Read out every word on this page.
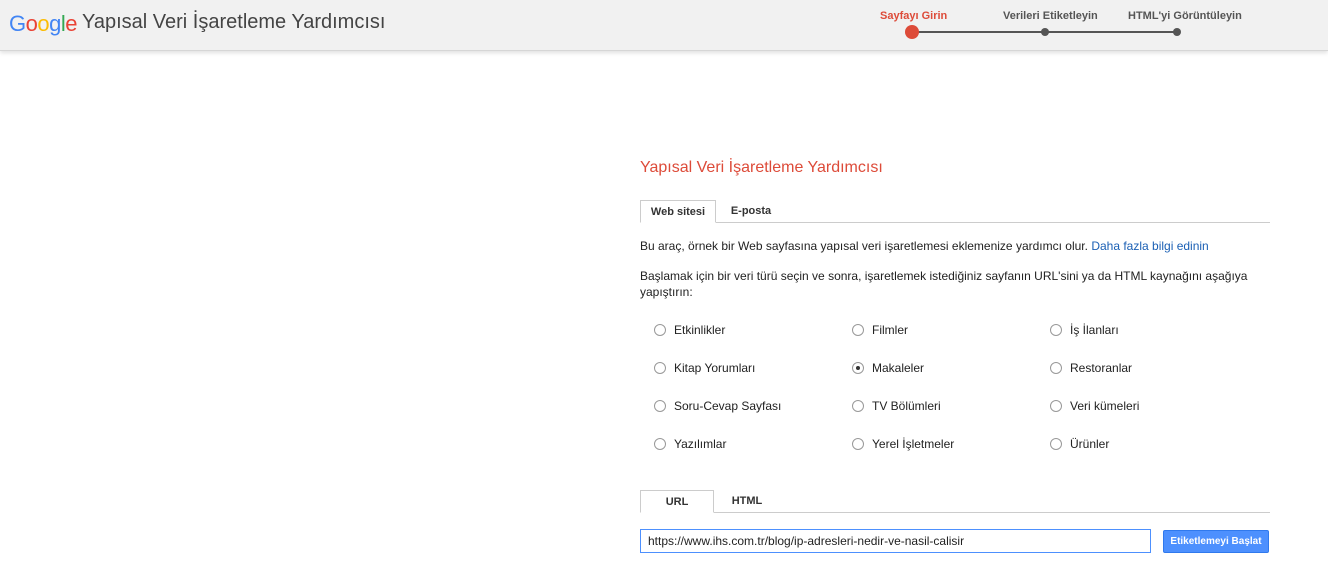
Google Yapısal Veri İşaretleme Yardımcısı	Sayfayı Girin	Verileri Etiketleyin	HTML'yi Görüntüleyin
Yapısal Veri İşaretleme Yardımcısı
Web sitesi	E-posta
Bu araç, örnek bir Web sayfasına yapısal veri işaretlemesi eklemenize yardımcı olur. Daha fazla bilgi edinin
Başlamak için bir veri türü seçin ve sonra, işaretlemek istediğiniz sayfanın URL'sini ya da HTML kaynağını aşağıya
yapıştırın:
Etkinlikler	Filmler	İş İlanları
Kitap Yorumları	Makaleler	Restoranlar
Soru-Cevap Sayfası	TV Bölümleri	Veri kümeleri
Yazılımlar	Yerel İşletmeler	Ürünler
URL	HTML
https://www.ihs.com.tr/blog/ip-adresleri-nedir-ve-nasil-calisir	Etiketlemeyi Başlat
